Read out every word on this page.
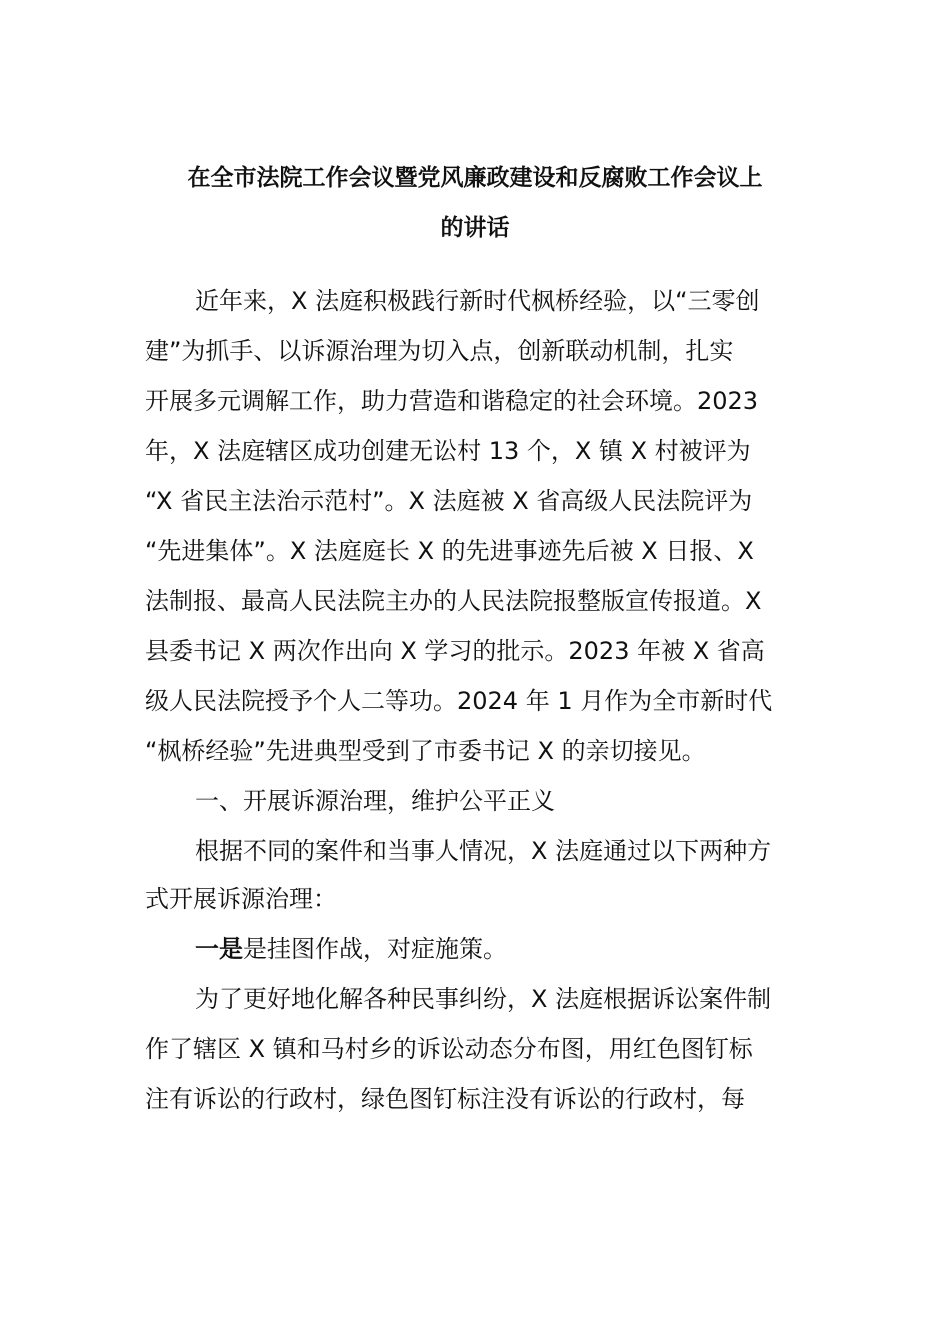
在全市法院工作会议暨党风廉政建设和反腐败工作会议上
的讲话

近年来，X 法庭积极践行新时代枫桥经验，以“三零创

建”为抓手、以诉源治理为切入点，创新联动机制，扎实

开展多元调解工作，助力营造和谐稳定的社会环境。2023

年，X 法庭辖区成功创建无讼村 13 个，X 镇 X 村被评为

“X 省民主法治示范村”。X 法庭被 X 省高级人民法院评为

“先进集体”。X 法庭庭长 X 的先进事迹先后被 X 日报、X

法制报、最高人民法院主办的人民法院报整版宣传报道。X

县委书记 X 两次作出向 X 学习的批示。2023 年被 X 省高

级人民法院授予个人二等功。2024 年 1 月作为全市新时代

“枫桥经验”先进典型受到了市委书记 X 的亲切接见。

一、开展诉源治理，维护公平正义

根据不同的案件和当事人情况，X 法庭通过以下两种方

式开展诉源治理：

一是是挂图作战，对症施策。

为了更好地化解各种民事纠纷，X 法庭根据诉讼案件制

作了辖区 X 镇和马村乡的诉讼动态分布图，用红色图钉标

注有诉讼的行政村，绿色图钉标注没有诉讼的行政村，每
